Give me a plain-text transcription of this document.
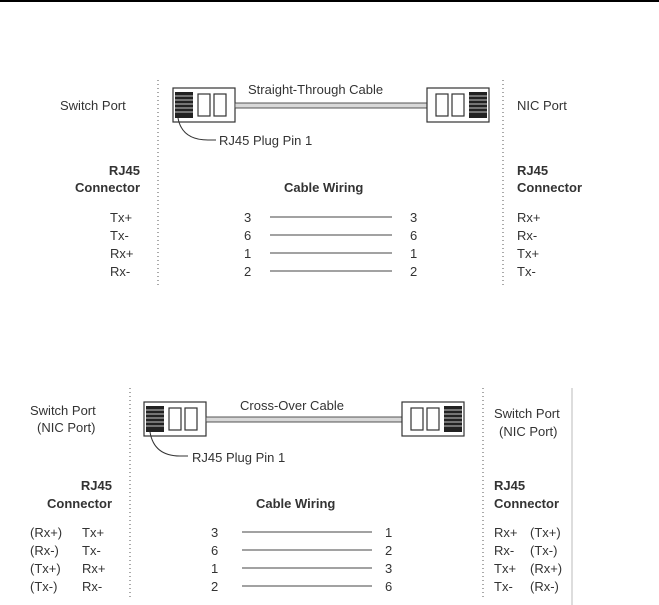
Switch Port	NIC Port
Straight-Through Cable
RJ45 Plug Pin 1
RJ45
Connector
RJ45
Connector
Cable Wiring
Tx+	3	3	Rx+
Tx-	6	6	Rx-
Rx+	1	1	Tx+
Rx-	2	2	Tx-
Switch Port
(NIC Port)
Switch Port
(NIC Port)
Cross-Over Cable
RJ45 Plug Pin 1
RJ45
Connector
RJ45
Connector
Cable Wiring
(Rx+) Tx+	3	1	Rx+ (Tx+)
(Rx-) Tx-	6	2	Rx- (Tx-)
(Tx+) Rx+	1	3	Tx+ (Rx+)
(Tx-) Rx-	2	6	Tx- (Rx-)
